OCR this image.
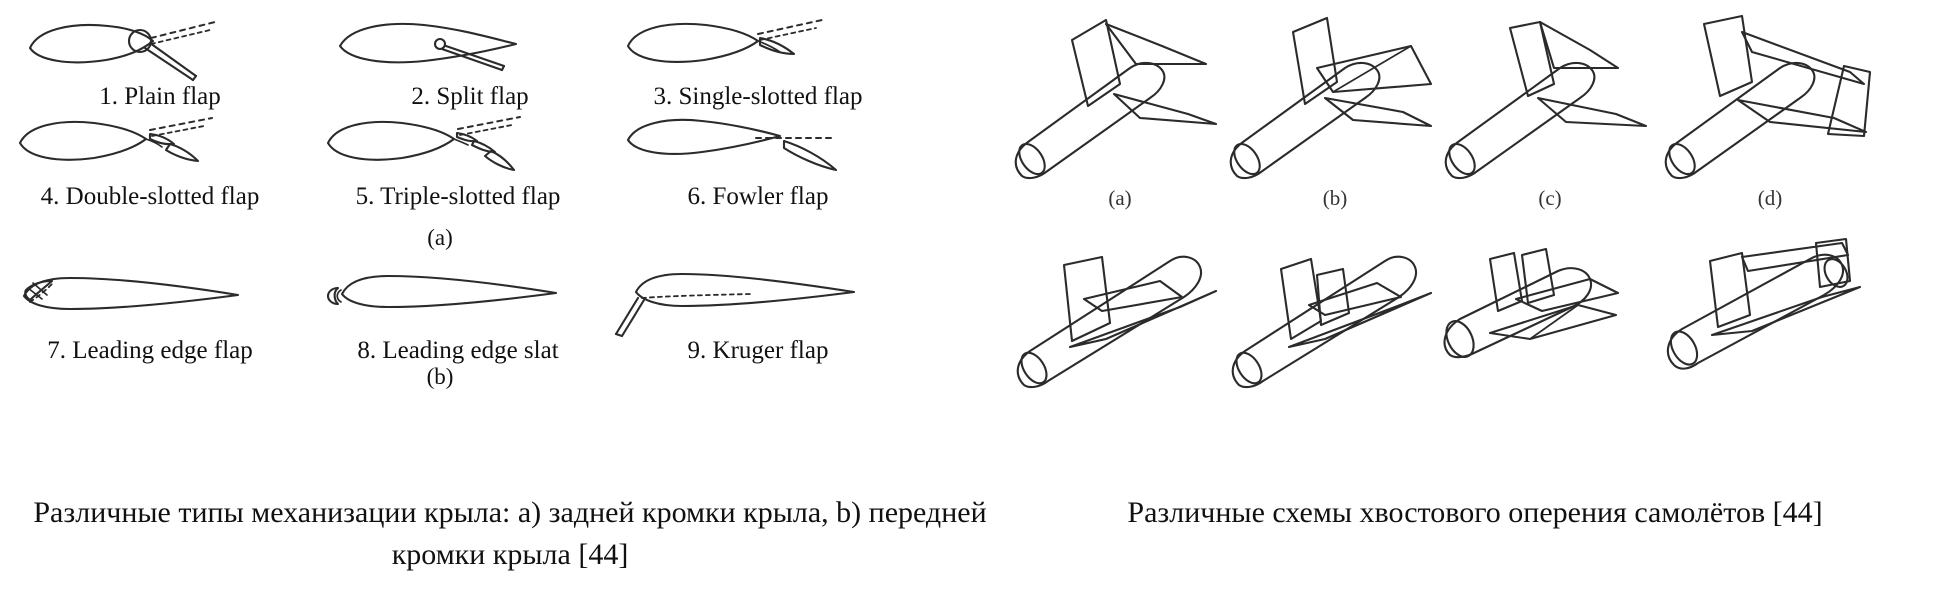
1. Plain flap	2. Split flap	3. Single-slotted flap
4. Double-slotted flap	5. Triple-slotted flap	6. Fowler flap
(a)
7. Leading edge flap	8. Leading edge slat	9. Kruger flap
(b)
(a)	(b)	(c)	(d)
Различные типы механизации крыла: a) задней кромки крыла, b) передней кромки крыла [44]
Различные схемы хвостового оперения самолётов [44]
